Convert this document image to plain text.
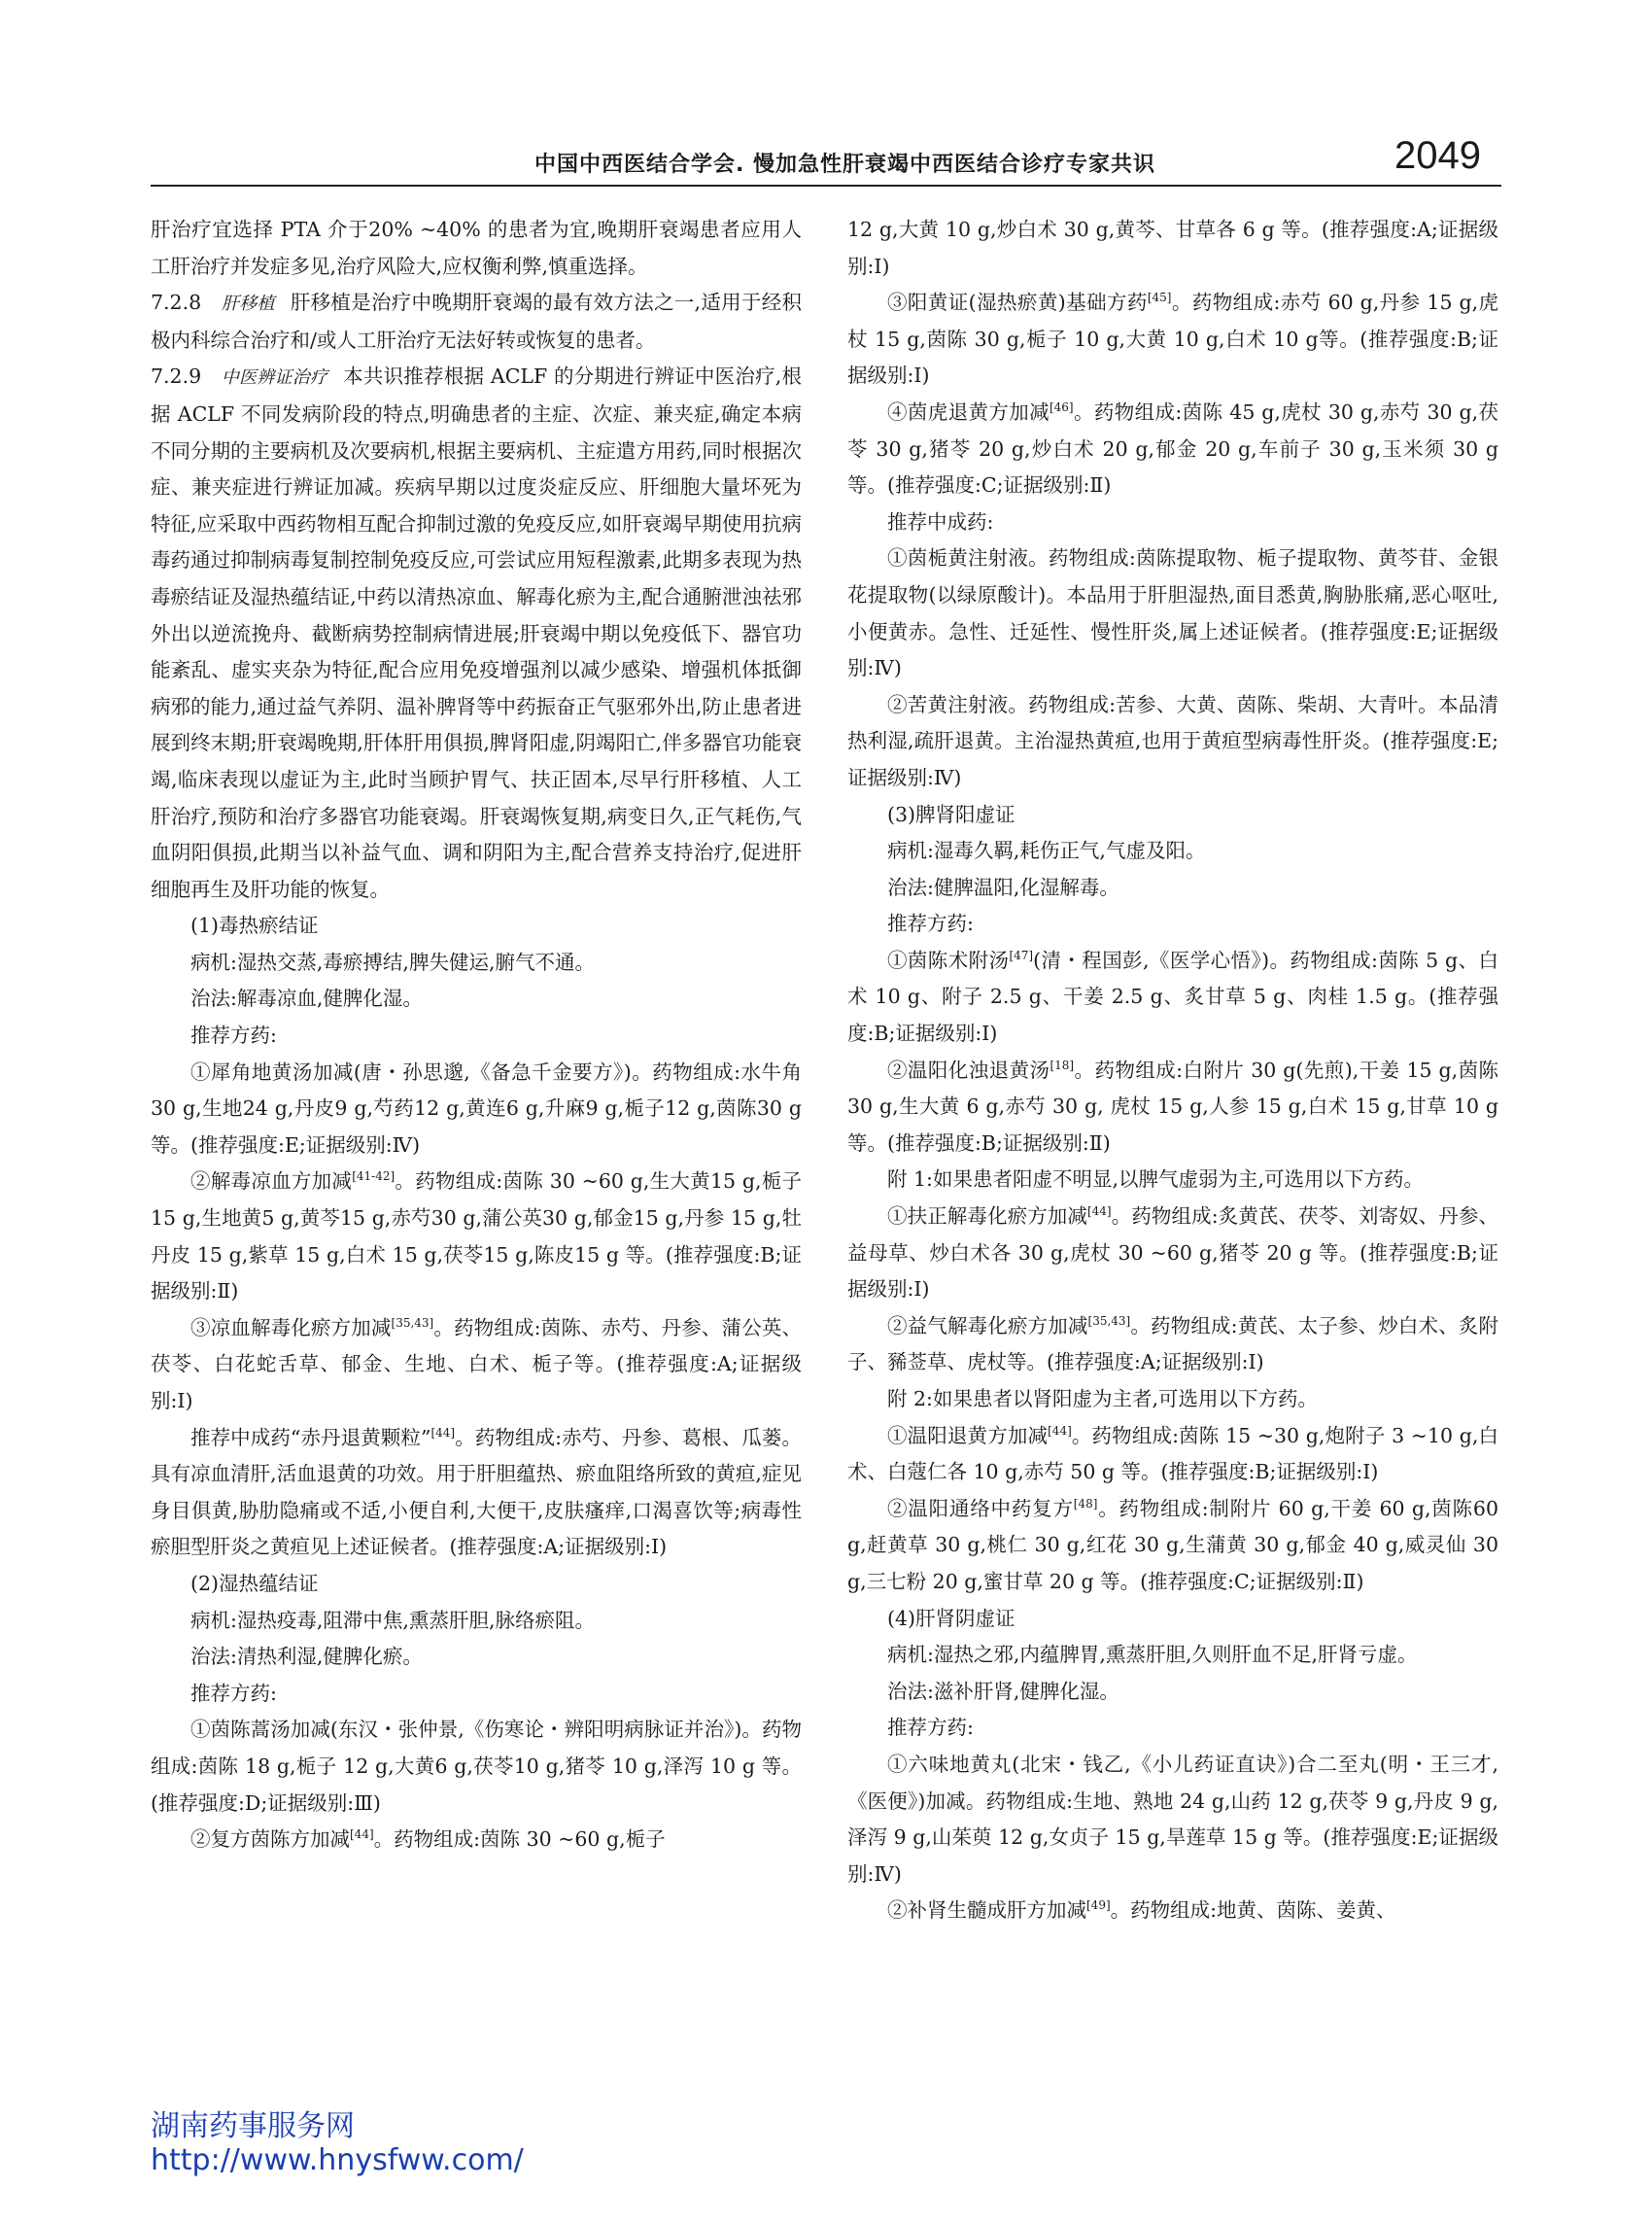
中国中西医结合学会. 慢加急性肝衰竭中西医结合诊疗专家共识	2049

肝治疗宜选择 PTA 介于20% ~40% 的患者为宜,晚期肝衰竭患者应用人工肝治疗并发症多见,治疗风险大,应权衡利弊,慎重选择。

7.2.8  肝移植 肝移植是治疗中晚期肝衰竭的最有效方法之一,适用于经积极内科综合治疗和/或人工肝治疗无法好转或恢复的患者。

7.2.9  中医辨证治疗 本共识推荐根据 ACLF 的分期进行辨证中医治疗,根据 ACLF 不同发病阶段的特点,明确患者的主症、次症、兼夹症,确定本病不同分期的主要病机及次要病机,根据主要病机、主症遣方用药,同时根据次症、兼夹症进行辨证加减。疾病早期以过度炎症反应、肝细胞大量坏死为特征,应采取中西药物相互配合抑制过激的免疫反应,如肝衰竭早期使用抗病毒药通过抑制病毒复制控制免疫反应,可尝试应用短程激素,此期多表现为热毒瘀结证及湿热蕴结证,中药以清热凉血、解毒化瘀为主,配合通腑泄浊祛邪外出以逆流挽舟、截断病势控制病情进展;肝衰竭中期以免疫低下、器官功能紊乱、虚实夹杂为特征,配合应用免疫增强剂以减少感染、增强机体抵御病邪的能力,通过益气养阴、温补脾肾等中药振奋正气驱邪外出,防止患者进展到终末期;肝衰竭晚期,肝体肝用俱损,脾肾阳虚,阴竭阳亡,伴多器官功能衰竭,临床表现以虚证为主,此时当顾护胃气、扶正固本,尽早行肝移植、人工肝治疗,预防和治疗多器官功能衰竭。肝衰竭恢复期,病变日久,正气耗伤,气血阴阳俱损,此期当以补益气血、调和阴阳为主,配合营养支持治疗,促进肝细胞再生及肝功能的恢复。

(1)毒热瘀结证

病机:湿热交蒸,毒瘀搏结,脾失健运,腑气不通。

治法:解毒凉血,健脾化湿。

推荐方药:

①犀角地黄汤加减(唐・孙思邈,《备急千金要方》)。药物组成:水牛角30 g,生地24 g,丹皮9 g,芍药12 g,黄连6 g,升麻9 g,栀子12 g,茵陈30 g 等。(推荐强度:E;证据级别:Ⅳ)

②解毒凉血方加减[41-42]。药物组成:茵陈 30 ~60 g,生大黄15 g,栀子15 g,生地黄5 g,黄芩15 g,赤芍30 g,蒲公英30 g,郁金15 g,丹参 15 g,牡丹皮 15 g,紫草 15 g,白术 15 g,茯苓15 g,陈皮15 g 等。(推荐强度:B;证据级别:Ⅱ)

③凉血解毒化瘀方加减[35,43]。药物组成:茵陈、赤芍、丹参、蒲公英、茯苓、白花蛇舌草、郁金、生地、白术、栀子等。(推荐强度:A;证据级别:Ⅰ)

推荐中成药“赤丹退黄颗粒”[44]。药物组成:赤芍、丹参、葛根、瓜蒌。具有凉血清肝,活血退黄的功效。用于肝胆蕴热、瘀血阻络所致的黄疸,症见身目俱黄,胁肋隐痛或不适,小便自利,大便干,皮肤瘙痒,口渴喜饮等;病毒性瘀胆型肝炎之黄疸见上述证候者。(推荐强度:A;证据级别:Ⅰ)

(2)湿热蕴结证

病机:湿热疫毒,阻滞中焦,熏蒸肝胆,脉络瘀阻。

治法:清热利湿,健脾化瘀。

推荐方药:

①茵陈蒿汤加减(东汉・张仲景,《伤寒论・辨阳明病脉证并治》)。药物组成:茵陈 18 g,栀子 12 g,大黄6 g,茯苓10 g,猪苓 10 g,泽泻 10 g 等。(推荐强度:D;证据级别:Ⅲ)

②复方茵陈方加减[44]。药物组成:茵陈 30 ~60 g,栀子

12 g,大黄 10 g,炒白术 30 g,黄芩、甘草各 6 g 等。(推荐强度:A;证据级别:Ⅰ)

③阳黄证(湿热瘀黄)基础方药[45]。药物组成:赤芍 60 g,丹参 15 g,虎杖 15 g,茵陈 30 g,栀子 10 g,大黄 10 g,白术 10 g等。(推荐强度:B;证据级别:Ⅰ)

④茵虎退黄方加减[46]。药物组成:茵陈 45 g,虎杖 30 g,赤芍 30 g,茯苓 30 g,猪苓 20 g,炒白术 20 g,郁金 20 g,车前子 30 g,玉米须 30 g 等。(推荐强度:C;证据级别:Ⅱ)

推荐中成药:

①茵栀黄注射液。药物组成:茵陈提取物、栀子提取物、黄芩苷、金银花提取物(以绿原酸计)。本品用于肝胆湿热,面目悉黄,胸胁胀痛,恶心呕吐,小便黄赤。急性、迁延性、慢性肝炎,属上述证候者。(推荐强度:E;证据级别:Ⅳ)

②苦黄注射液。药物组成:苦参、大黄、茵陈、柴胡、大青叶。本品清热利湿,疏肝退黄。主治湿热黄疸,也用于黄疸型病毒性肝炎。(推荐强度:E;证据级别:Ⅳ)

(3)脾肾阳虚证

病机:湿毒久羁,耗伤正气,气虚及阳。

治法:健脾温阳,化湿解毒。

推荐方药:

①茵陈术附汤[47](清・程国彭,《医学心悟》)。药物组成:茵陈 5 g、白术 10 g、附子 2.5 g、干姜 2.5 g、炙甘草 5 g、肉桂 1.5 g。(推荐强度:B;证据级别:Ⅰ)

②温阳化浊退黄汤[18]。药物组成:白附片 30 g(先煎),干姜 15 g,茵陈 30 g,生大黄 6 g,赤芍 30 g, 虎杖 15 g,人参 15 g,白术 15 g,甘草 10 g 等。(推荐强度:B;证据级别:Ⅱ)

附 1:如果患者阳虚不明显,以脾气虚弱为主,可选用以下方药。

①扶正解毒化瘀方加减[44]。药物组成:炙黄芪、茯苓、刘寄奴、丹参、益母草、炒白术各 30 g,虎杖 30 ~60 g,猪苓 20 g 等。(推荐强度:B;证据级别:Ⅰ)

②益气解毒化瘀方加减[35,43]。药物组成:黄芪、太子参、炒白术、炙附子、豨莶草、虎杖等。(推荐强度:A;证据级别:Ⅰ)

附 2:如果患者以肾阳虚为主者,可选用以下方药。

①温阳退黄方加减[44]。药物组成:茵陈 15 ~30 g,炮附子 3 ~10 g,白术、白蔻仁各 10 g,赤芍 50 g 等。(推荐强度:B;证据级别:Ⅰ)

②温阳通络中药复方[48]。药物组成:制附片 60 g,干姜 60 g,茵陈60 g,赶黄草 30 g,桃仁 30 g,红花 30 g,生蒲黄 30 g,郁金 40 g,威灵仙 30 g,三七粉 20 g,蜜甘草 20 g 等。(推荐强度:C;证据级别:Ⅱ)

(4)肝肾阴虚证

病机:湿热之邪,内蕴脾胃,熏蒸肝胆,久则肝血不足,肝肾亏虚。

治法:滋补肝肾,健脾化湿。

推荐方药:

①六味地黄丸(北宋・钱乙,《小儿药证直诀》)合二至丸(明・王三才,《医便》)加减。药物组成:生地、熟地 24 g,山药 12 g,茯苓 9 g,丹皮 9 g,泽泻 9 g,山茱萸 12 g,女贞子 15 g,旱莲草 15 g 等。(推荐强度:E;证据级别:Ⅳ)

②补肾生髓成肝方加减[49]。药物组成:地黄、茵陈、姜黄、

湖南药事服务网
http://www.hnysfww.com/
